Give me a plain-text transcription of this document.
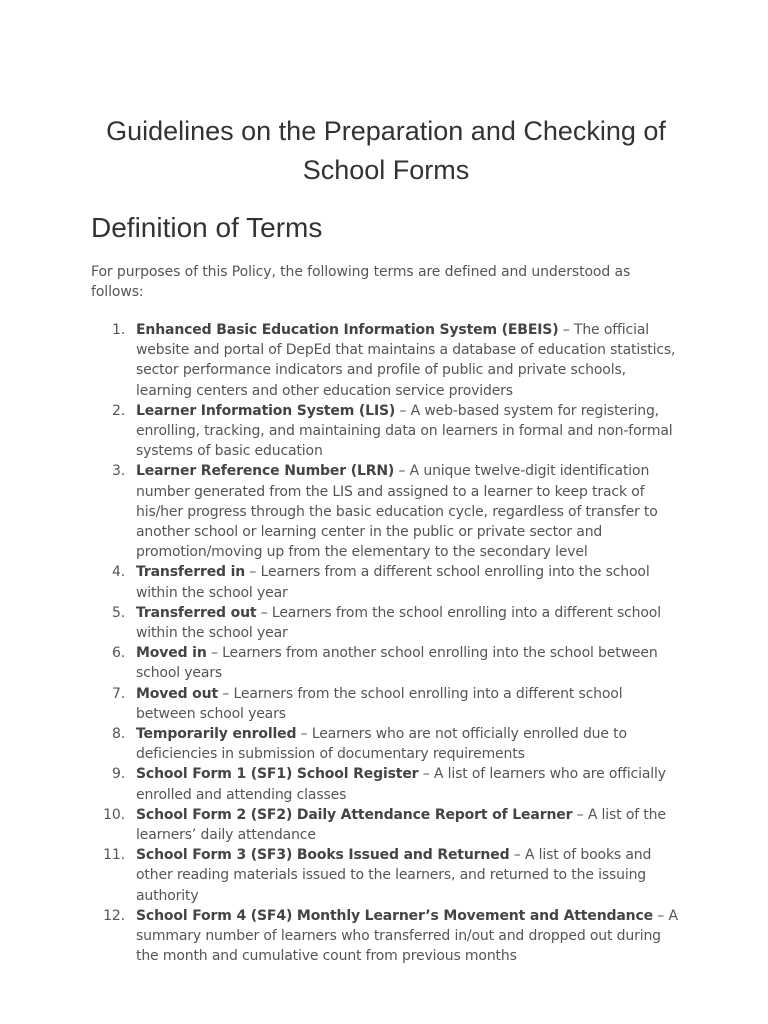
Guidelines on the Preparation and Checking of School Forms
Definition of Terms

For purposes of this Policy, the following terms are defined and understood as follows:

1. Enhanced Basic Education Information System (EBEIS) – The official website and portal of DepEd that maintains a database of education statistics, sector performance indicators and profile of public and private schools, learning centers and other education service providers
2. Learner Information System (LIS) – A web-based system for registering, enrolling, tracking, and maintaining data on learners in formal and non-formal systems of basic education
3. Learner Reference Number (LRN) – A unique twelve-digit identification number generated from the LIS and assigned to a learner to keep track of his/her progress through the basic education cycle, regardless of transfer to another school or learning center in the public or private sector and promotion/moving up from the elementary to the secondary level
4. Transferred in – Learners from a different school enrolling into the school within the school year
5. Transferred out – Learners from the school enrolling into a different school within the school year
6. Moved in – Learners from another school enrolling into the school between school years
7. Moved out – Learners from the school enrolling into a different school between school years
8. Temporarily enrolled – Learners who are not officially enrolled due to deficiencies in submission of documentary requirements
9. School Form 1 (SF1) School Register – A list of learners who are officially enrolled and attending classes
10. School Form 2 (SF2) Daily Attendance Report of Learner – A list of the learners’ daily attendance
11. School Form 3 (SF3) Books Issued and Returned – A list of books and other reading materials issued to the learners, and returned to the issuing authority
12. School Form 4 (SF4) Monthly Learner’s Movement and Attendance – A summary number of learners who transferred in/out and dropped out during the month and cumulative count from previous months
